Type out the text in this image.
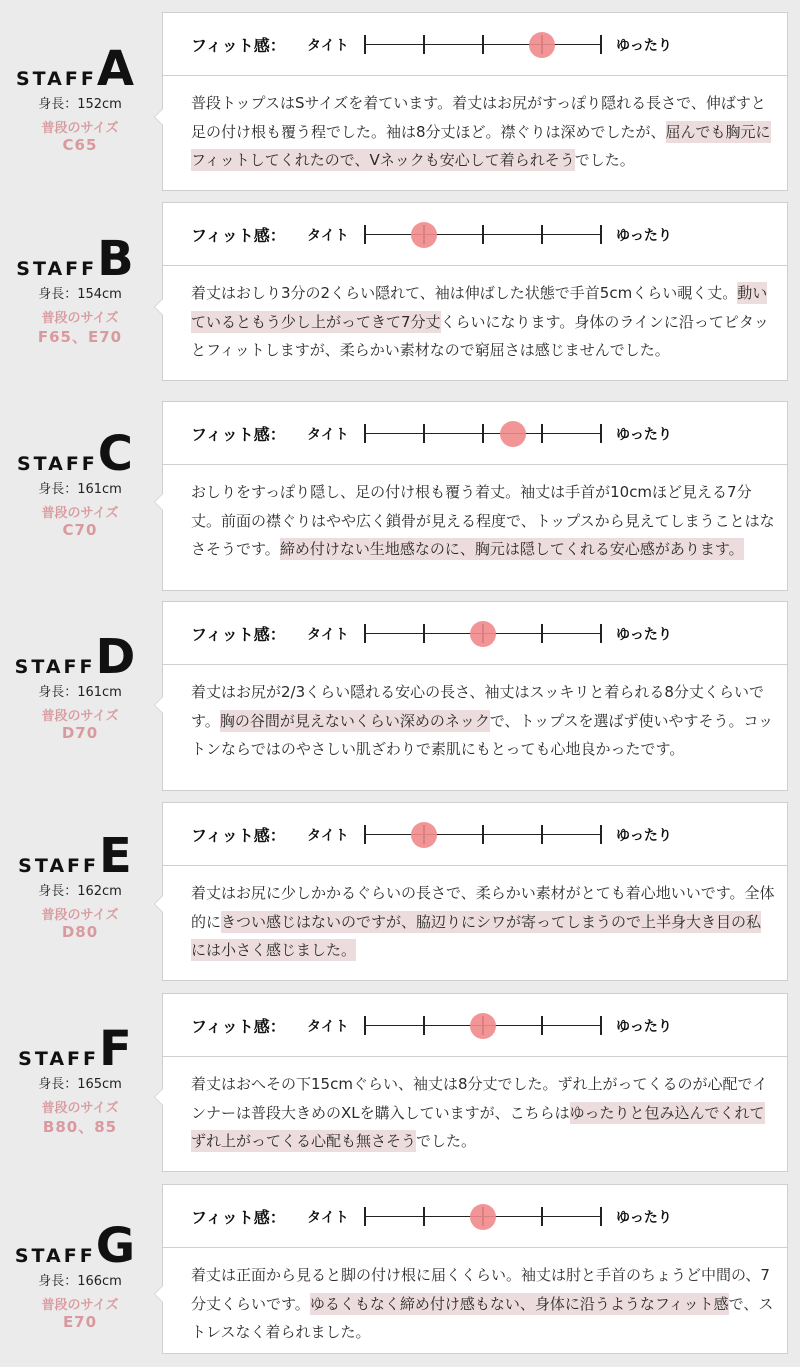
STAFFA
身長：152cm
普段のサイズ
C65
フィット感： タイト	ゆったり
普段トップスはSサイズを着ています。着丈はお尻がすっぽり隠れる長さで、伸ばすと足の付け根も覆う程でした。袖は8分丈ほど。襟ぐりは深めでしたが、屈んでも胸元にフィットしてくれたので、Vネックも安心して着られそうでした。
STAFFB
身長：154cm
普段のサイズ
F65、E70
フィット感： タイト	ゆったり
着丈はおしり3分の2くらい隠れて、袖は伸ばした状態で手首5cmくらい覗く丈。動いているともう少し上がってきて7分丈くらいになります。身体のラインに沿ってピタッとフィットしますが、柔らかい素材なので窮屈さは感じませんでした。
STAFFC
身長：161cm
普段のサイズ
C70
フィット感： タイト	ゆったり
おしりをすっぽり隠し、足の付け根も覆う着丈。袖丈は手首が10cmほど見える7分丈。前面の襟ぐりはやや広く鎖骨が見える程度で、トップスから見えてしまうことはなさそうです。締め付けない生地感なのに、胸元は隠してくれる安心感があります。
STAFFD
身長：161cm
普段のサイズ
D70
フィット感： タイト	ゆったり
着丈はお尻が2/3くらい隠れる安心の長さ、袖丈はスッキリと着られる8分丈くらいです。胸の谷間が見えないくらい深めのネックで、トップスを選ばず使いやすそう。コットンならではのやさしい肌ざわりで素肌にもとっても心地良かったです。
STAFFE
身長：162cm
普段のサイズ
D80
フィット感： タイト	ゆったり
着丈はお尻に少しかかるぐらいの長さで、柔らかい素材がとても着心地いいです。全体的にきつい感じはないのですが、脇辺りにシワが寄ってしまうので上半身大き目の私には小さく感じました。
STAFFF
身長：165cm
普段のサイズ
B80、85
フィット感： タイト	ゆったり
着丈はおへその下15cmぐらい、袖丈は8分丈でした。ずれ上がってくるのが心配でインナーは普段大きめのXLを購入していますが、こちらはゆったりと包み込んでくれてずれ上がってくる心配も無さそうでした。
STAFFG
身長：166cm
普段のサイズ
E70
フィット感： タイト	ゆったり
着丈は正面から見ると脚の付け根に届くくらい。袖丈は肘と手首のちょうど中間の、7分丈くらいです。ゆるくもなく締め付け感もない、身体に沿うようなフィット感で、ストレスなく着られました。
